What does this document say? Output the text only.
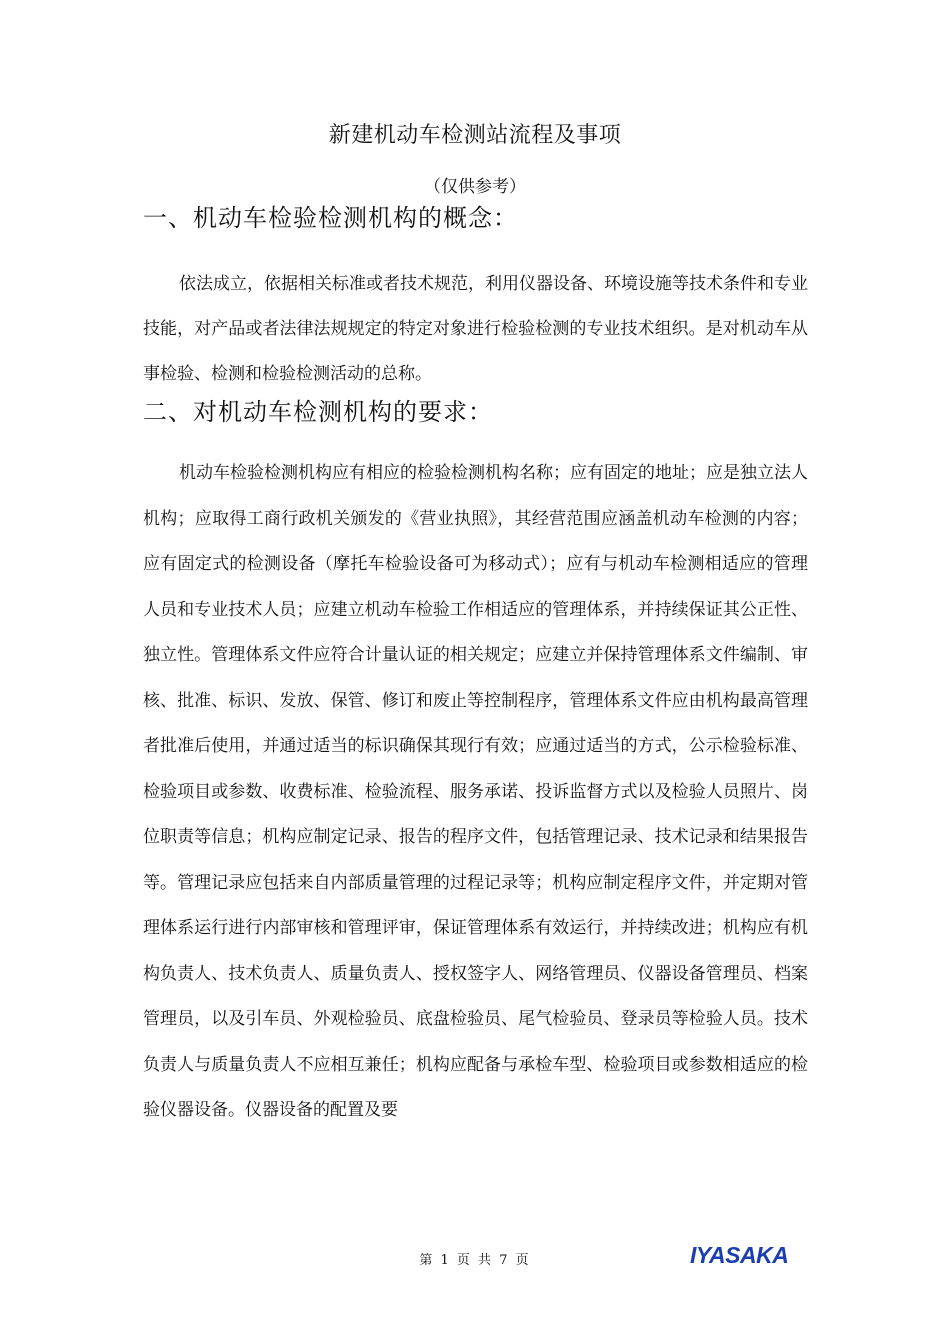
新建机动车检测站流程及事项
（仅供参考）
一、机动车检验检测机构的概念：
依法成立，依据相关标准或者技术规范，利用仪器设备、环境设施等技术条件和专业技能，对产品或者法律法规规定的特定对象进行检验检测的专业技术组织。是对机动车从事检验、检测和检验检测活动的总称。
二、对机动车检测机构的要求：
机动车检验检测机构应有相应的检验检测机构名称；应有固定的地址；应是独立法人机构；应取得工商行政机关颁发的《营业执照》，其经营范围应涵盖机动车检测的内容；应有固定式的检测设备（摩托车检验设备可为移动式）；应有与机动车检测相适应的管理人员和专业技术人员；应建立机动车检验工作相适应的管理体系，并持续保证其公正性、独立性。管理体系文件应符合计量认证的相关规定；应建立并保持管理体系文件编制、审核、批准、标识、发放、保管、修订和废止等控制程序，管理体系文件应由机构最高管理者批准后使用，并通过适当的标识确保其现行有效；应通过适当的方式，公示检验标准、检验项目或参数、收费标准、检验流程、服务承诺、投诉监督方式以及检验人员照片、岗位职责等信息；机构应制定记录、报告的程序文件，包括管理记录、技术记录和结果报告等。管理记录应包括来自内部质量管理的过程记录等；机构应制定程序文件，并定期对管理体系运行进行内部审核和管理评审，保证管理体系有效运行，并持续改进；机构应有机构负责人、技术负责人、质量负责人、授权签字人、网络管理员、仪器设备管理员、档案管理员，以及引车员、外观检验员、底盘检验员、尾气检验员、登录员等检验人员。技术负责人与质量负责人不应相互兼任；机构应配备与承检车型、检验项目或参数相适应的检验仪器设备。仪器设备的配置及要
第 1 页 共 7 页	IYASAKA
